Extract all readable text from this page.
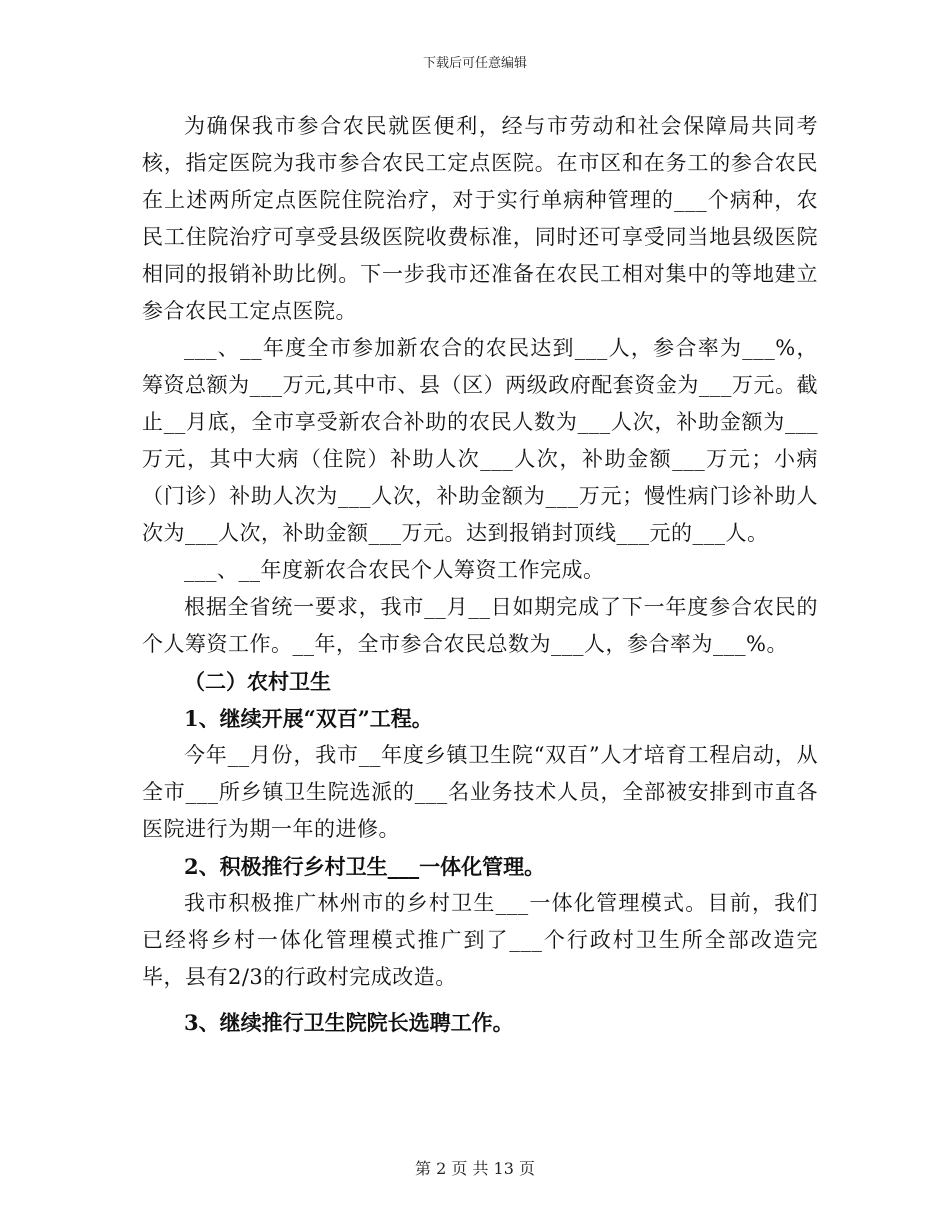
下载后可任意编辑

为确保我市参合农民就医便利，经与市劳动和社会保障局共同考核，指定医院为我市参合农民工定点医院。在市区和在务工的参合农民在上述两所定点医院住院治疗，对于实行单病种管理的___个病种，农民工住院治疗可享受县级医院收费标准，同时还可享受同当地县级医院相同的报销补助比例。下一步我市还准备在农民工相对集中的等地建立参合农民工定点医院。

___、__年度全市参加新农合的农民达到___人，参合率为___%，筹资总额为___万元,其中市、县（区）两级政府配套资金为___万元。截止__月底，全市享受新农合补助的农民人数为___人次，补助金额为___万元，其中大病（住院）补助人次___人次，补助金额___万元；小病（门诊）补助人次为___人次，补助金额为___万元；慢性病门诊补助人次为___人次，补助金额___万元。达到报销封顶线___元的___人。

___、__年度新农合农民个人筹资工作完成。

根据全省统一要求，我市__月__日如期完成了下一年度参合农民的个人筹资工作。__年，全市参合农民总数为___人，参合率为___%。

（二）农村卫生

1、继续开展“双百”工程。

今年__月份，我市__年度乡镇卫生院“双百”人才培育工程启动，从全市___所乡镇卫生院选派的___名业务技术人员，全部被安排到市直各医院进行为期一年的进修。

2、积极推行乡村卫生___一体化管理。

我市积极推广林州市的乡村卫生___一体化管理模式。目前，我们已经将乡村一体化管理模式推广到了___个行政村卫生所全部改造完毕，县有2/3的行政村完成改造。

3、继续推行卫生院院长选聘工作。

第 2 页 共 13 页
